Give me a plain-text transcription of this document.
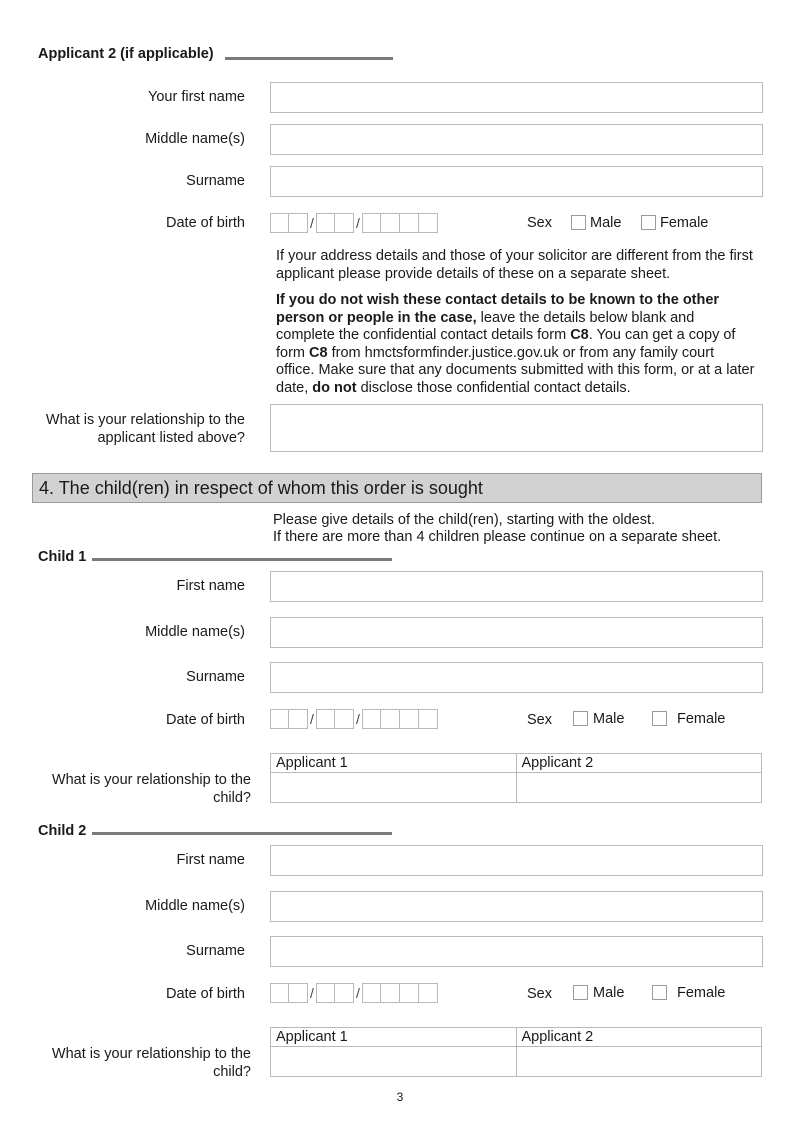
Applicant 2 (if applicable)
Your first name
Middle name(s)
Surname
Date of birth	/	/	Sex	Male	Female
If your address details and those of your solicitor are different from the first applicant please provide details of these on a separate sheet.
If you do not wish these contact details to be known to the other person or people in the case, leave the details below blank and complete the confidential contact details form C8. You can get a copy of form C8 from hmctsformfinder.justice.gov.uk or from any family court office. Make sure that any documents submitted with this form, or at a later date, do not disclose those confidential contact details.
What is your relationship to the applicant listed above?
4. The child(ren) in respect of whom this order is sought
Please give details of the child(ren), starting with the oldest.
If there are more than 4 children please continue on a separate sheet.
Child 1
First name
Middle name(s)
Surname
Date of birth	/	/	Sex	Male	Female
What is your relationship to the child?
Applicant 1	Applicant 2

Child 2
First name
Middle name(s)
Surname
Date of birth	/	/	Sex	Male	Female
What is your relationship to the child?
Applicant 1	Applicant 2

3
